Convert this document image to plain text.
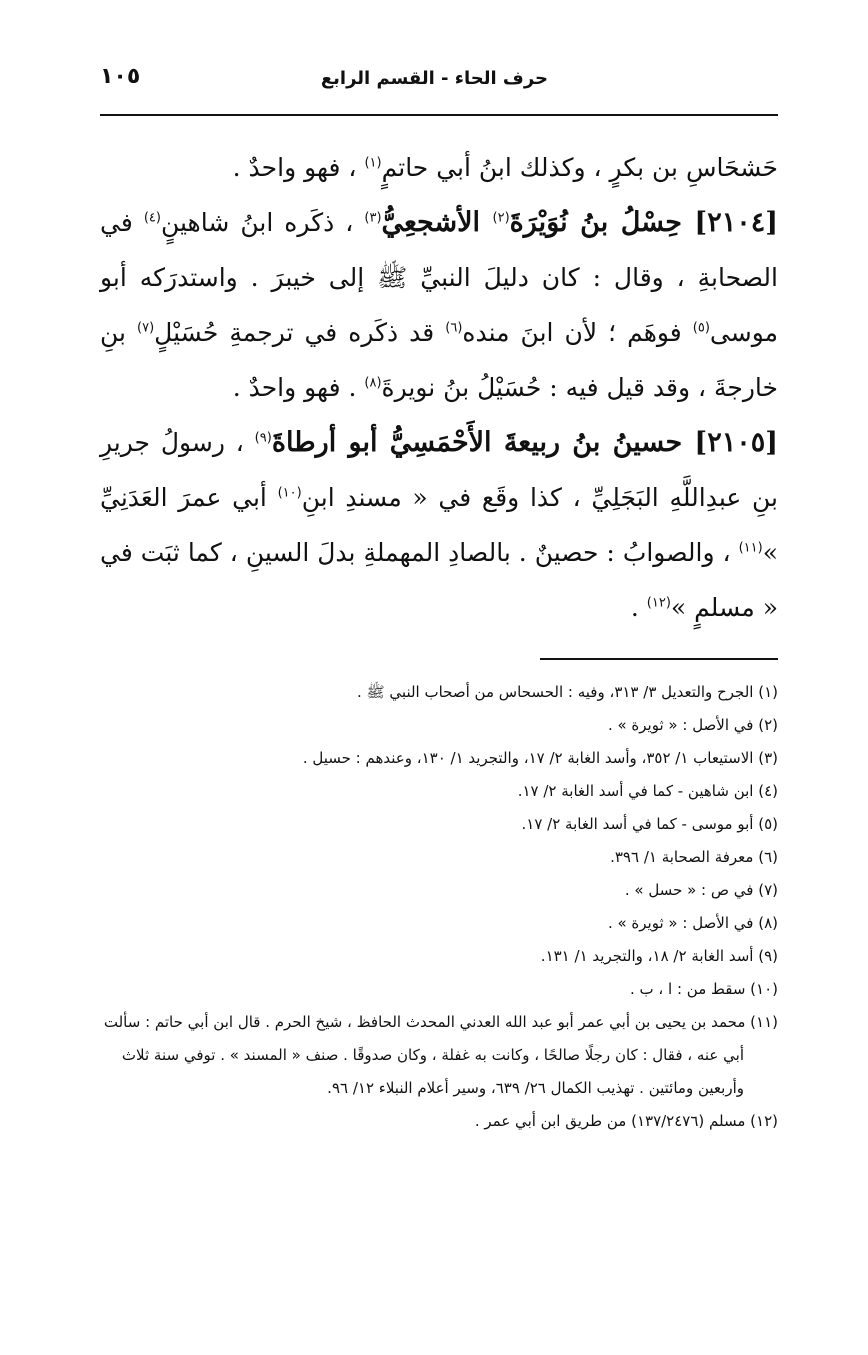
١٠٥	حرف الحاء - القسم الرابع

حَشحَاسِ بن بكرٍ ، وكذلك ابنُ أبي حاتمٍ$^{(١)}$ ، فهو واحدٌ .

[٢١٠٤] حِسْلُ بنُ نُوَيْرَةَ$^{(٢)}$ الأشجعِيُّ$^{(٣)}$ ، ذكَره ابنُ شاهينٍ$^{(٤)}$ في الصحابةِ ، وقال : كان دليلَ النبيِّ ﷺ إلى خيبرَ . واستدرَكه أبو موسى$^{(٥)}$ فوهَم ؛ لأن ابنَ منده$^{(٦)}$ قد ذكَره في ترجمةِ حُسَيْلٍ$^{(٧)}$ بنِ خارجةَ ، وقد قيل فيه : حُسَيْلُ بنُ نويرةَ$^{(٨)}$ . فهو واحدٌ .

[٢١٠٥] حسينُ بنُ ربيعةَ الأَحْمَسِيُّ أبو أرطاةَ$^{(٩)}$ ، رسولُ جريرِ بنِ عبدِاللَّهِ البَجَلِيِّ ، كذا وقَع في « مسندِ ابنِ$^{(١٠)}$ أبي عمرَ العَدَنِيِّ »$^{(١١)}$ ، والصوابُ : حصينٌ . بالصادِ المهملةِ بدلَ السينِ ، كما ثبَت في « مسلمٍ »$^{(١٢)}$ .

(١) الجرح والتعديل ٣/ ٣١٣، وفيه : الحسحاس من أصحاب النبي ﷺ .

(٢) في الأصل : « ثويرة » .

(٣) الاستيعاب ١/ ٣٥٢، وأسد الغابة ٢/ ١٧، والتجريد ١/ ١٣٠، وعندهم : حسيل .

(٤) ابن شاهين - كما في أسد الغابة ٢/ ١٧.

(٥) أبو موسى - كما في أسد الغابة ٢/ ١٧.

(٦) معرفة الصحابة ١/ ٣٩٦.

(٧) في ص : « حسل » .

(٨) في الأصل : « ثويرة » .

(٩) أسد الغابة ٢/ ١٨، والتجريد ١/ ١٣١.

(١٠) سقط من : ا ، ب .

(١١) محمد بن يحيى بن أبي عمر أبو عبد الله العدني المحدث الحافظ ، شيخ الحرم . قال ابن أبي حاتم : سألت أبي عنه ، فقال : كان رجلًا صالحًا ، وكانت به غفلة ، وكان صدوقًا . صنف « المسند » . توفي سنة ثلاث وأربعين ومائتين . تهذيب الكمال ٢٦/ ٦٣٩، وسير أعلام النبلاء ١٢/ ٩٦.

(١٢) مسلم (١٣٧/٢٤٧٦) من طريق ابن أبي عمر .
